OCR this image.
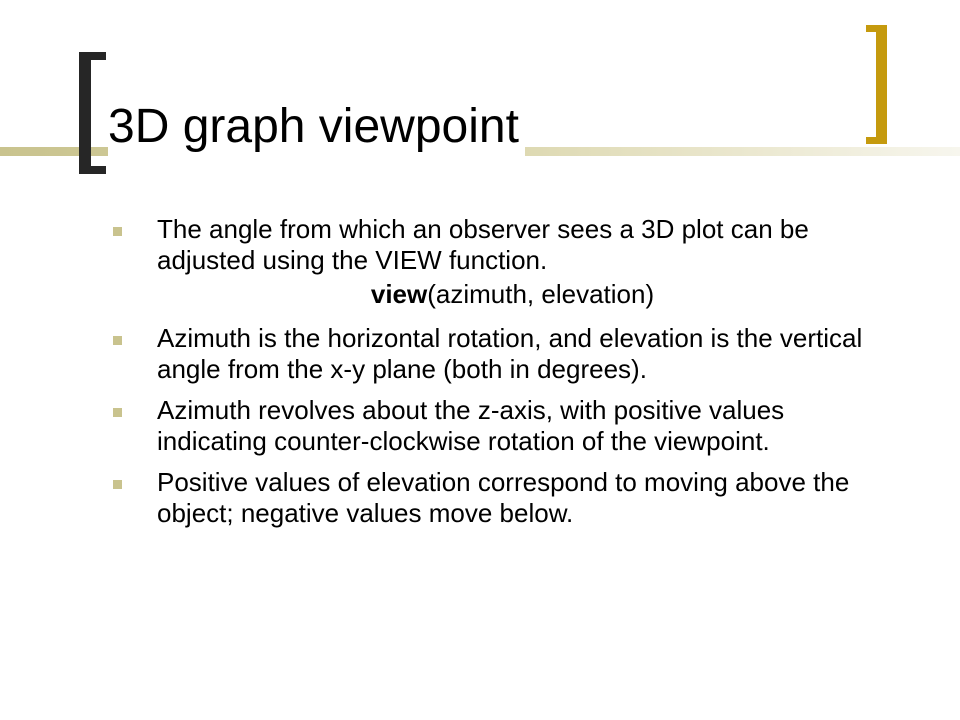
3D graph viewpoint
The angle from which an observer sees a 3D plot can be adjusted using the VIEW function.
view(azimuth, elevation)
Azimuth is the horizontal rotation, and elevation is the vertical angle from the x-y plane (both in degrees).
Azimuth revolves about the z-axis, with positive values indicating counter-clockwise rotation of the viewpoint.
Positive values of elevation correspond to moving above the object; negative values move below.
